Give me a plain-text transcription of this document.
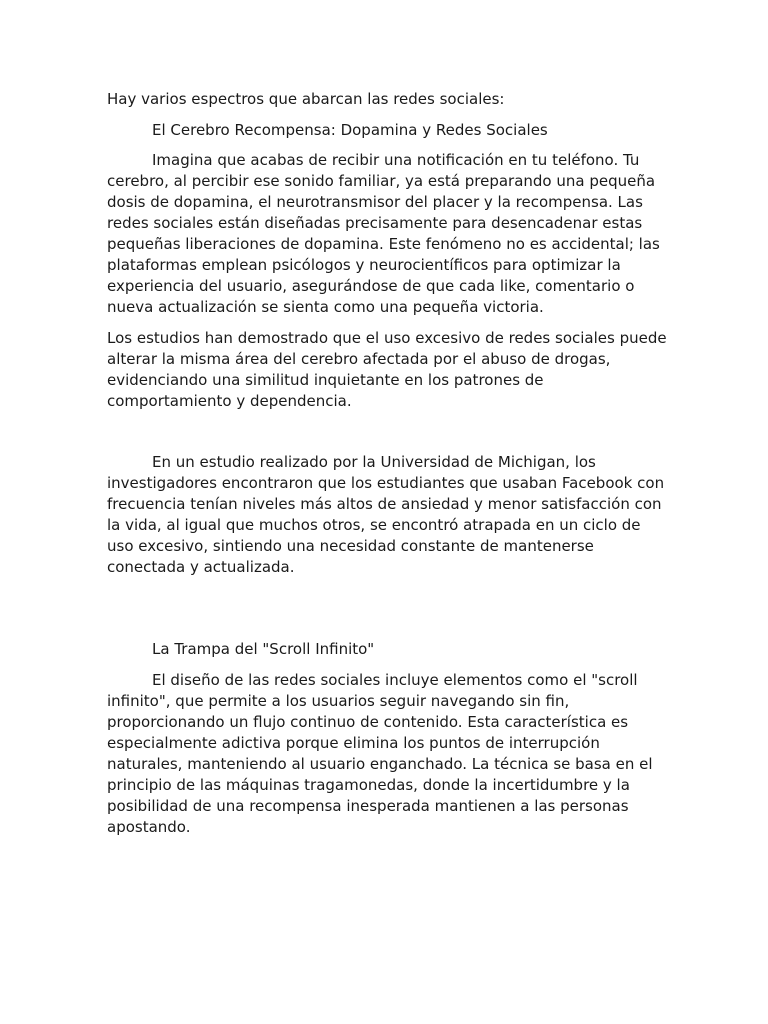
Hay varios espectros que abarcan las redes sociales:

El Cerebro Recompensa: Dopamina y Redes Sociales

Imagina que acabas de recibir una notificación en tu teléfono. Tu cerebro, al percibir ese sonido familiar, ya está preparando una pequeña dosis de dopamina, el neurotransmisor del placer y la recompensa. Las redes sociales están diseñadas precisamente para desencadenar estas pequeñas liberaciones de dopamina. Este fenómeno no es accidental; las plataformas emplean psicólogos y neurocientíficos para optimizar la experiencia del usuario, asegurándose de que cada like, comentario o nueva actualización se sienta como una pequeña victoria.

Los estudios han demostrado que el uso excesivo de redes sociales puede alterar la misma área del cerebro afectada por el abuso de drogas, evidenciando una similitud inquietante en los patrones de comportamiento y dependencia.

En un estudio realizado por la Universidad de Michigan, los investigadores encontraron que los estudiantes que usaban Facebook con frecuencia tenían niveles más altos de ansiedad y menor satisfacción con la vida, al igual que muchos otros, se encontró atrapada en un ciclo de uso excesivo, sintiendo una necesidad constante de mantenerse conectada y actualizada.

La Trampa del "Scroll Infinito"

El diseño de las redes sociales incluye elementos como el "scroll infinito", que permite a los usuarios seguir navegando sin fin, proporcionando un flujo continuo de contenido. Esta característica es especialmente adictiva porque elimina los puntos de interrupción naturales, manteniendo al usuario enganchado. La técnica se basa en el principio de las máquinas tragamonedas, donde la incertidumbre y la posibilidad de una recompensa inesperada mantienen a las personas apostando.
